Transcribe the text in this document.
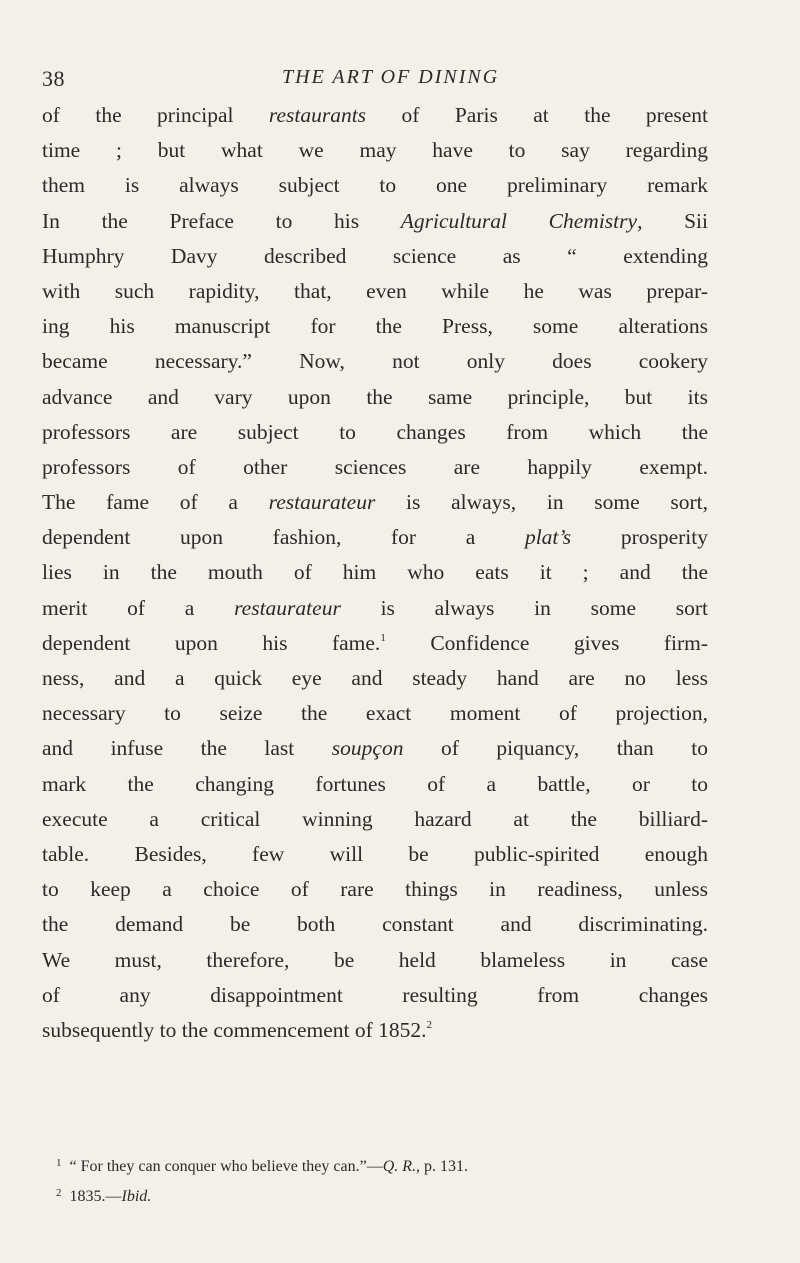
38	THE ART OF DINING
of the principal restaurants of Paris at the present
time ; but what we may have to say regarding
them is always subject to one preliminary remark
In the Preface to his Agricultural Chemistry, Sii
Humphry Davy described science as “ extending
with such rapidity, that, even while he was prepar-
ing his manuscript for the Press, some alterations
became necessary.” Now, not only does cookery
advance and vary upon the same principle, but its
professors are subject to changes from which the
professors of other sciences are happily exempt.
The fame of a restaurateur is always, in some sort,
dependent upon fashion, for a plat’s prosperity
lies in the mouth of him who eats it ; and the
merit of a restaurateur is always in some sort
dependent upon his fame.$^1$ Confidence gives firm-
ness, and a quick eye and steady hand are no less
necessary to seize the exact moment of projection,
and infuse the last soupçon of piquancy, than to
mark the changing fortunes of a battle, or to
execute a critical winning hazard at the billiard-
table. Besides, few will be public-spirited enough
to keep a choice of rare things in readiness, unless
the demand be both constant and discriminating.
We must, therefore, be held blameless in case
of any disappointment resulting from changes
subsequently to the commencement of 1852.$^2$
$^1$ “ For they can conquer who believe they can.”—Q. R., p. 131.
$^2$ 1835.—Ibid.
